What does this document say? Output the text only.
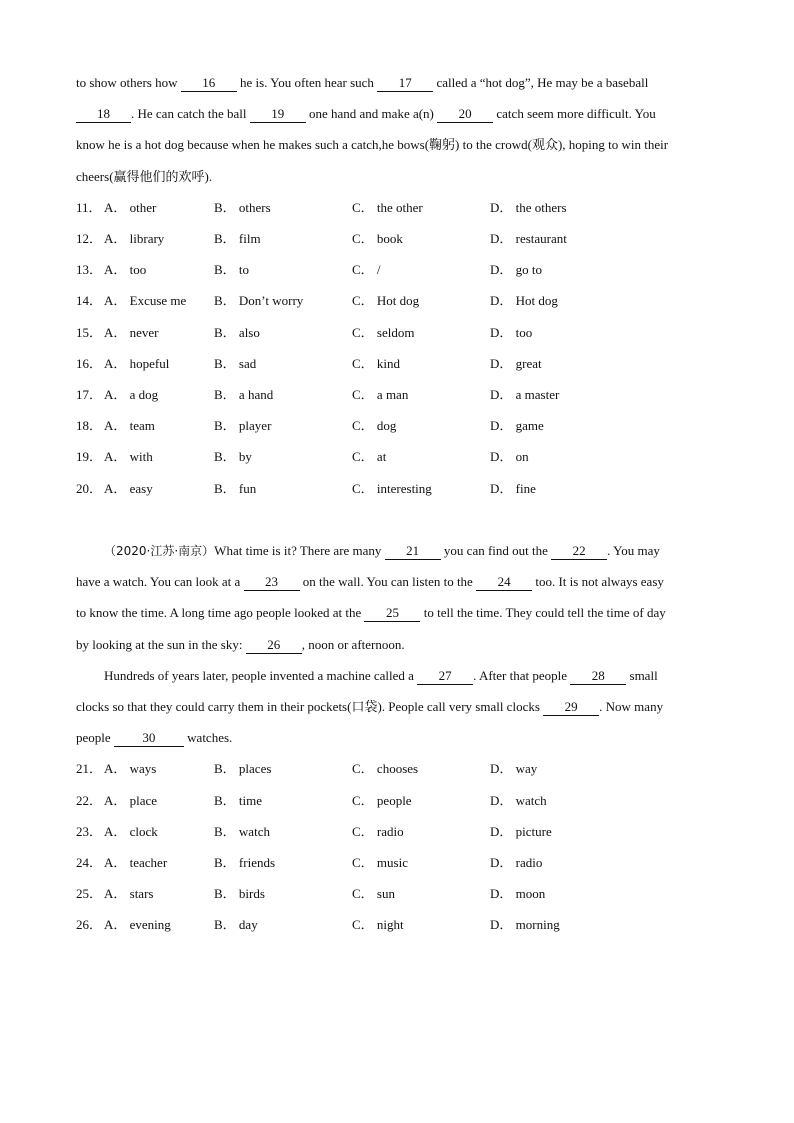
to show others how 16 he is. You often hear such 17 called a “hot dog”, He may be a baseball
18 . He can catch the ball 19 one hand and make a(n) 20 catch seem more difficult. You
know he is a hot dog because when he makes such a catch,he bows(鞠躬) to the crowd(观众), hoping to win their
cheers(赢得他们的欢呼).
11． A． other	B． others	C． the other	D． the others
12． A． library	B． film	C． book	D． restaurant
13． A． too	B． to	C． /	D． go to
14． A． Excuse me B． Don’t worry	C． Hot dog	D． Hot dog
15． A． never	B． also	C． seldom	D． too
16． A． hopeful	B． sad	C． kind	D． great
17． A． a dog	B． a hand	C． a man	D． a master
18． A． team	B． player	C． dog	D． game
19． A． with	B． by	C． at	D． on
20． A． easy	B． fun	C． interesting	D． fine
（2020·江苏·南京）What time is it? There are many 21 you can find out the 22 . You may
have a watch. You can look at a 23 on the wall. You can listen to the 24 too. It is not always easy
to know the time. A long time ago people looked at the 25 to tell the time. They could tell the time of day
by looking at the sun in the sky: 26 , noon or afternoon.
Hundreds of years later, people invented a machine called a 27 . After that people 28 small
clocks so that they could carry them in their pockets(口袋). People call very small clocks 29 . Now many
people 30 watches.
21． A． ways	B． places	C． chooses	D． way
22． A． place	B． time	C． people	D． watch
23． A． clock	B． watch	C． radio	D． picture
24． A． teacher	B． friends	C． music	D． radio
25． A． stars	B． birds	C． sun	D． moon
26． A． evening	B． day	C． night	D． morning
